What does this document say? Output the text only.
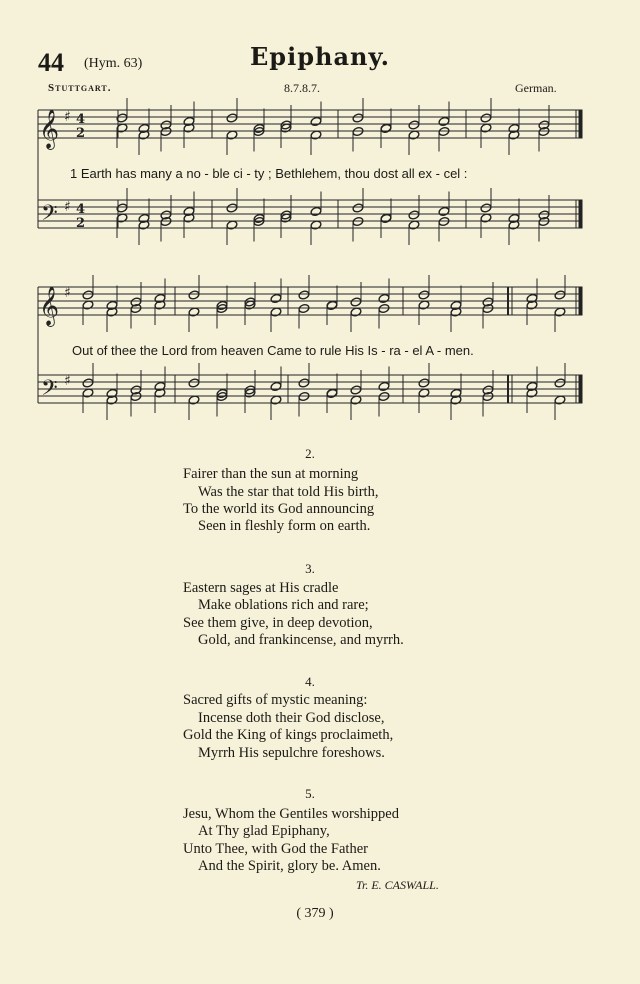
44 (Hym. 63)	Epiphany.
Stuttgart.	8.7.8.7.	German.
𝄞
𝄞
𝄢
𝄢
4
2
♯
4
2
♯
♯
♯
1 Earth has many a no - ble ci - ty ; Bethlehem, thou dost all ex - cel :
Out of thee the Lord from heaven Came to rule His Is - ra - el A - men.
2.
Fairer than the sun at morning
Was the star that told His birth,
To the world its God announcing
Seen in fleshly form on earth.
3.
Eastern sages at His cradle
Make oblations rich and rare;
See them give, in deep devotion,
Gold, and frankincense, and myrrh.
4.
Sacred gifts of mystic meaning:
Incense doth their God disclose,
Gold the King of kings proclaimeth,
Myrrh His sepulchre foreshows.
5.
Jesu, Whom the Gentiles worshipped
At Thy glad Epiphany,
Unto Thee, with God the Father
And the Spirit, glory be. Amen.
Tr. E. CASWALL.
( 379 )
